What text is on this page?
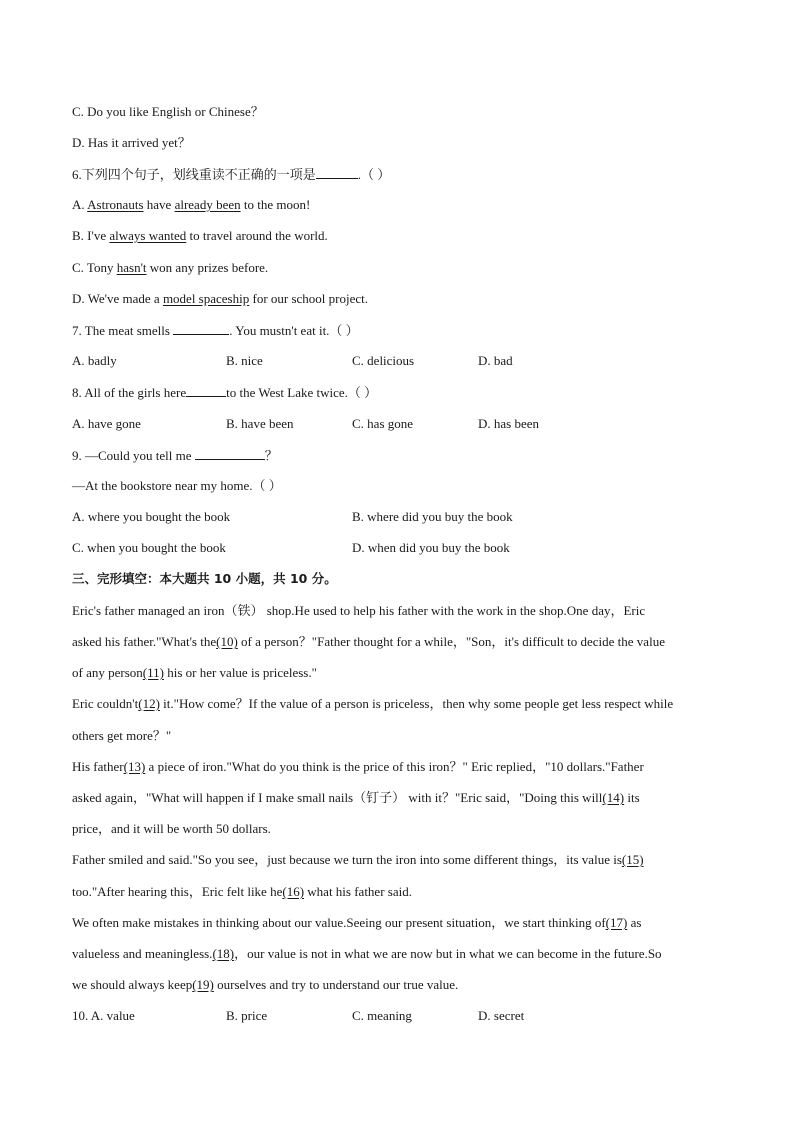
C. Do you like English or Chinese？
D. Has it arrived yet？
6.下列四个句子，划线重读不正确的一项是	.（ ）
A. Astronauts have already been to the moon!
B. I've always wanted to travel around the world.
C. Tony hasn't won any prizes before.
D. We've made a model spaceship for our school project.
7. The meat smells	. You mustn't eat it.（ ）
A. badly	B. nice	C. delicious	D. bad
8. All of the girls here	to the West Lake twice.（ ）
A. have gone	B. have been	C. has gone	D. has been
9. —Could you tell me	？
—At the bookstore near my home.（ ）
A. where you bought the book	B. where did you buy the book
C. when you bought the book	D. when did you buy the book
三、完形填空：本大题共 10 小题，共 10 分。
Eric's father managed an iron（铁） shop.He used to help his father with the work in the shop.One day，Eric
asked his father."What's the(10) of a person？"Father thought for a while，"Son，it's difficult to decide the value
of any person(11) his or her value is priceless."
Eric couldn't(12) it."How come？If the value of a person is priceless，then why some people get less respect while
others get more？"
His father(13) a piece of iron."What do you think is the price of this iron？" Eric replied，"10 dollars."Father
asked again，"What will happen if I make small nails（钉子） with it？"Eric said，"Doing this will(14) its
price，and it will be worth 50 dollars.
Father smiled and said."So you see，just because we turn the iron into some different things，its value is(15)
too."After hearing this，Eric felt like he(16) what his father said.
We often make mistakes in thinking about our value.Seeing our present situation，we start thinking of(17) as
valueless and meaningless.(18)，our value is not in what we are now but in what we can become in the future.So
we should always keep(19) ourselves and try to understand our true value.
10. A. value	B. price	C. meaning	D. secret
